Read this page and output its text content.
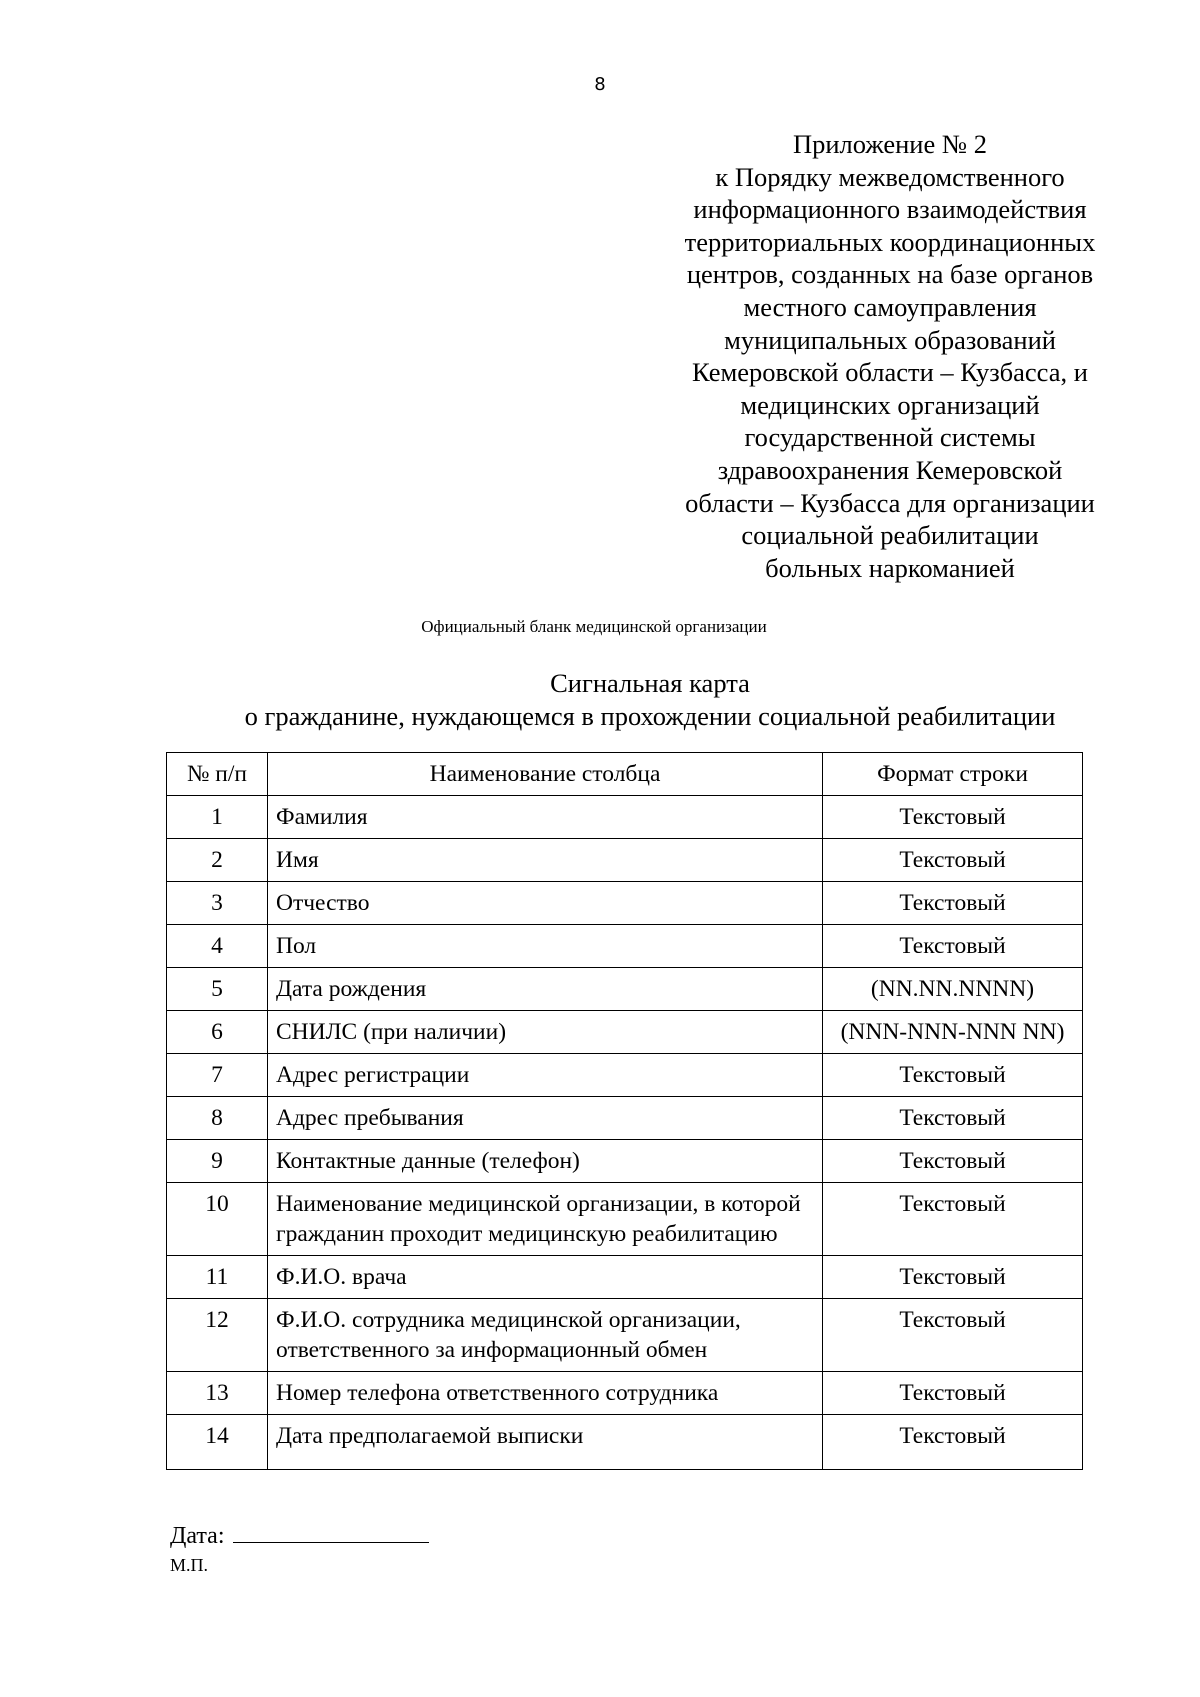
8
Приложение № 2
к Порядку межведомственного
информационного взаимодействия
территориальных координационных
центров, созданных на базе органов
местного самоуправления
муниципальных образований
Кемеровской области – Кузбасса, и
медицинских организаций
государственной системы
здравоохранения Кемеровской
области – Кузбасса для организации
социальной реабилитации
больных наркоманией
Официальный бланк медицинской организации
Сигнальная карта
о гражданине, нуждающемся в прохождении социальной реабилитации
№ п/п	Наименование столбца	Формат строки
1	Фамилия	Текстовый
2	Имя	Текстовый
3	Отчество	Текстовый
4	Пол	Текстовый
5	Дата рождения	(NN.NN.NNNN)
6	СНИЛС (при наличии)	(NNN-NNN-NNN NN)
7	Адрес регистрации	Текстовый
8	Адрес пребывания	Текстовый
9	Контактные данные (телефон)	Текстовый
10	Наименование медицинской организации, в которой гражданин проходит медицинскую реабилитацию	Текстовый
11	Ф.И.О. врача	Текстовый
12	Ф.И.О. сотрудника медицинской организации, ответственного за информационный обмен	Текстовый
13	Номер телефона ответственного сотрудника	Текстовый
14	Дата предполагаемой выписки	Текстовый
Дата:
М.П.
